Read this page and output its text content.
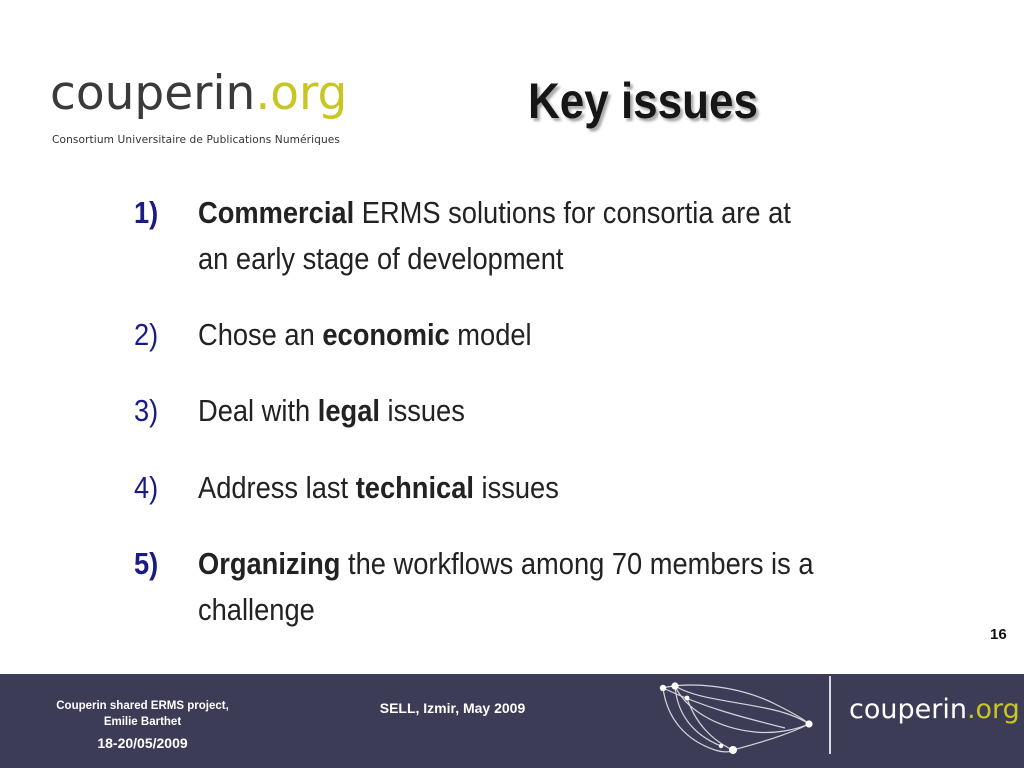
couperin.org
Consortium Universitaire de Publications Numériques
Key issues
1)	Commercial ERMS solutions for consortia are at
an early stage of development
2)	Chose an economic model
3)	Deal with legal issues
4)	Address last technical issues
5)	Organizing the workflows among 70 members is a
challenge
16
Couperin shared ERMS project,
Emilie Barthet
18-20/05/2009
SELL, Izmir, May 2009	couperin.org
